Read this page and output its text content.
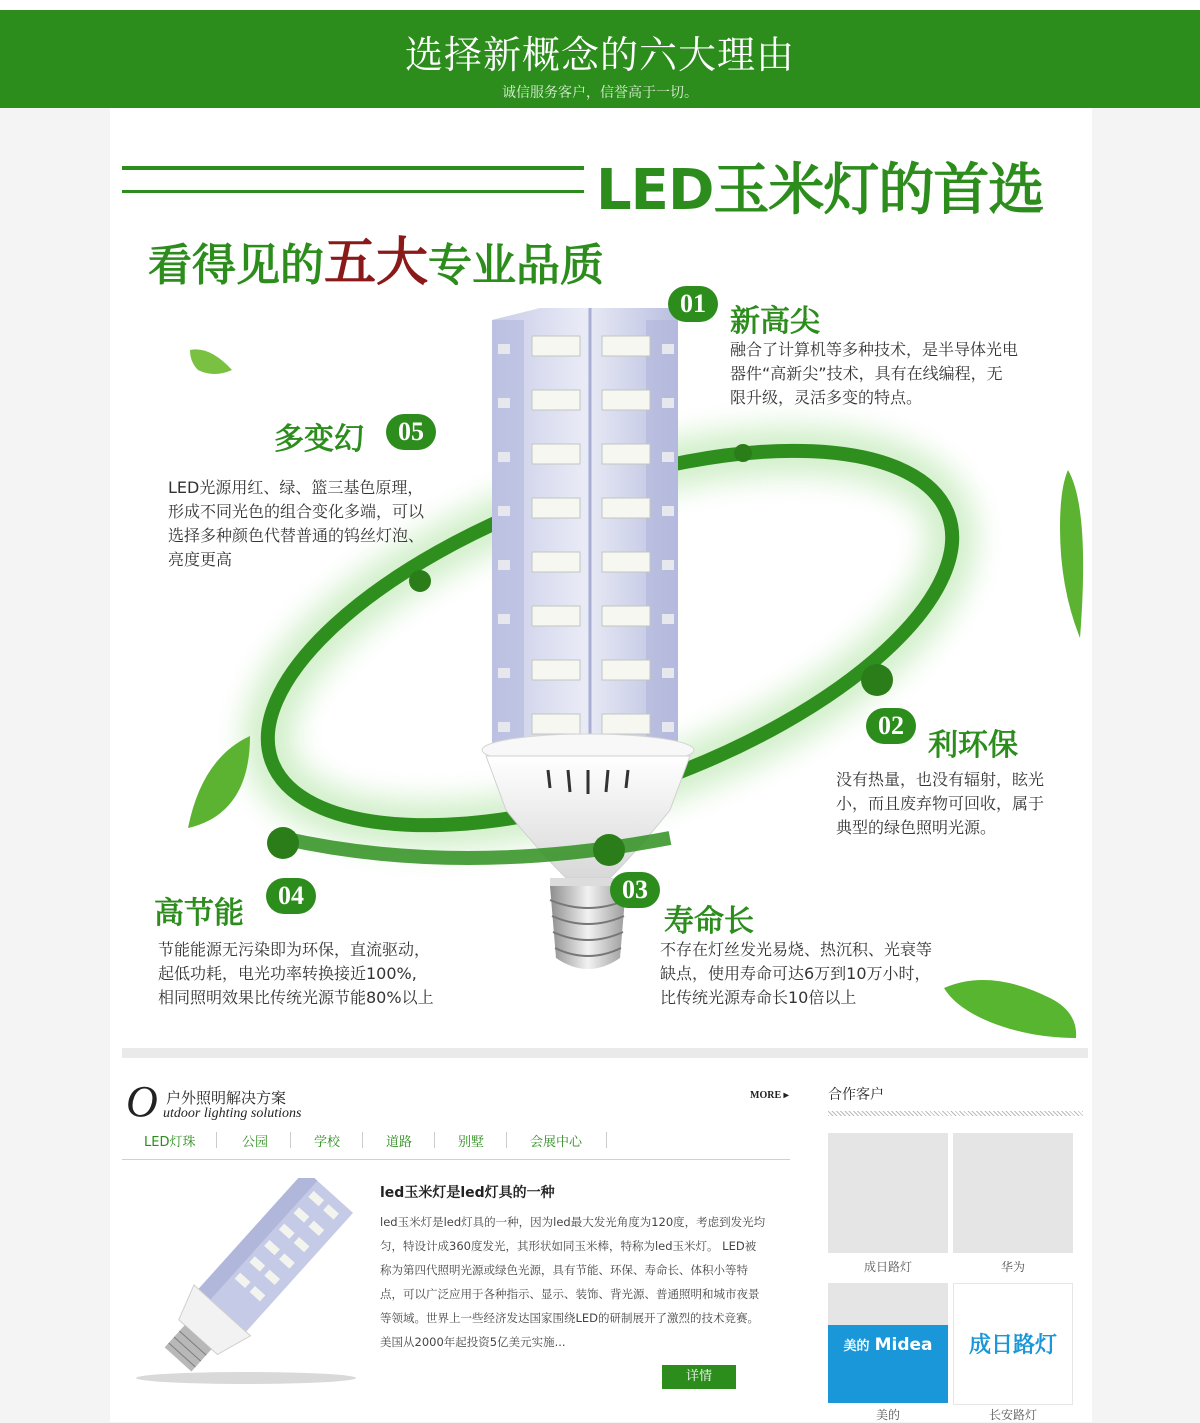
选择新概念的六大理由

诚信服务客户，信誉高于一切。

LED玉米灯的首选
看得见的五大专业品质
01
新高尖
融合了计算机等多种技术，是半导体光电
器件“高新尖”技术，具有在线编程，无
限升级，灵活多变的特点。
多变幻	05
LED光源用红、绿、篮三基色原理，
形成不同光色的组合变化多端，可以
选择多种颜色代替普通的钨丝灯泡、
亮度更高
02
利环保
没有热量，也没有辐射，眩光
小，而且废弃物可回收，属于
典型的绿色照明光源。
高节能
04
节能能源无污染即为环保，直流驱动，
起低功耗，电光功率转换接近100%,
相同照明效果比传统光源节能80%以上
03
寿命长
不存在灯丝发光易烧、热沉积、光衰等
缺点，使用寿命可达6万到10万小时，
比传统光源寿命长10倍以上
O 户外照明解决方案
utdoor lighting solutions
MORE ▸
LED灯珠	公园	学校	道路	别墅	会展中心
led玉米灯是led灯具的一种
led玉米灯是led灯具的一种，因为led最大发光角度为120度，考虑到发光均
匀，特设计成360度发光，其形状如同玉米棒，特称为led玉米灯。 LED被
称为第四代照明光源或绿色光源，具有节能、环保、寿命长、体积小等特
点，可以广泛应用于各种指示、显示、装饰、背光源、普通照明和城市夜景
等领域。世界上一些经济发达国家围绕LED的研制展开了激烈的技术竞赛。
美国从2000年起投资5亿美元实施...
详情
合作客户
成日路灯	华为
$_{美的}$ Midea
美的
成日路灯
长安路灯
